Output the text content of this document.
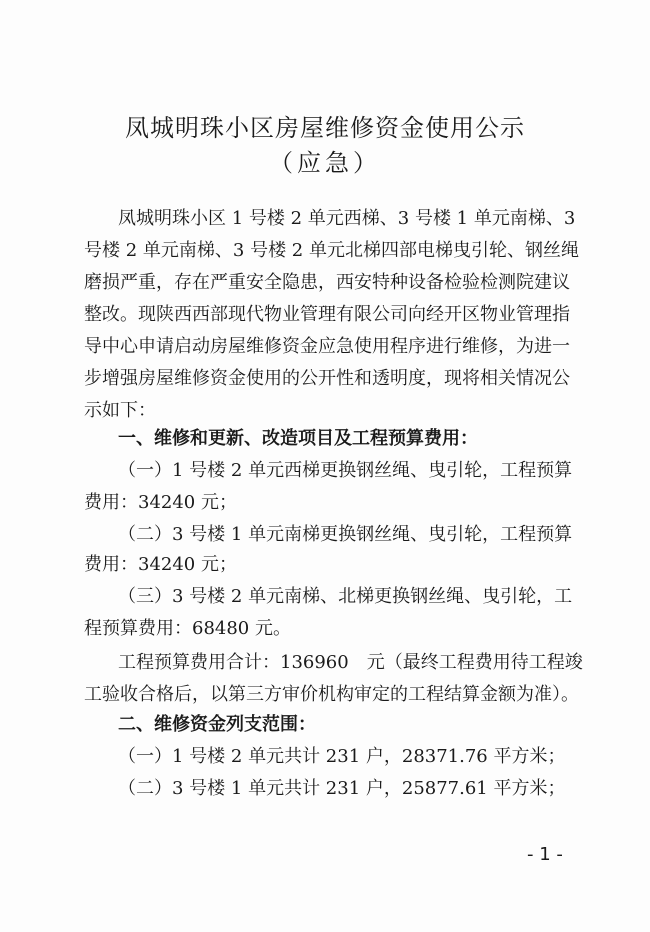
凤城明珠小区房屋维修资金使用公示
（应急）
凤城明珠小区 1 号楼 2 单元西梯、3 号楼 1 单元南梯、3
号楼 2 单元南梯、3 号楼 2 单元北梯四部电梯曳引轮、钢丝绳
磨损严重，存在严重安全隐患，西安特种设备检验检测院建议
整改。现陕西西部现代物业管理有限公司向经开区物业管理指
导中心申请启动房屋维修资金应急使用程序进行维修，为进一
步增强房屋维修资金使用的公开性和透明度，现将相关情况公
示如下：
一、维修和更新、改造项目及工程预算费用：
（一）1 号楼 2 单元西梯更换钢丝绳、曳引轮，工程预算
费用：34240 元；
（二）3 号楼 1 单元南梯更换钢丝绳、曳引轮，工程预算
费用：34240 元；
（三）3 号楼 2 单元南梯、北梯更换钢丝绳、曳引轮，工
程预算费用：68480 元。
工程预算费用合计：136960　元（最终工程费用待工程竣
工验收合格后，以第三方审价机构审定的工程结算金额为准）。
二、维修资金列支范围：
（一）1 号楼 2 单元共计 231 户，28371.76 平方米；
（二）3 号楼 1 单元共计 231 户，25877.61 平方米；
- 1 -
